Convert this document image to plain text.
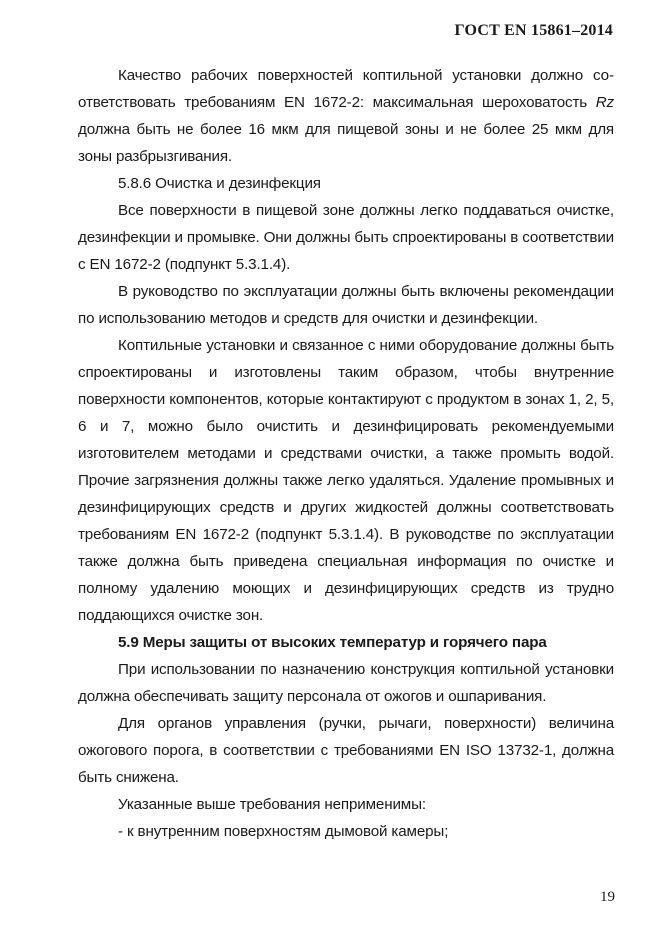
ГОСТ EN 15861–2014

Качество рабочих поверхностей коптильной установки должно соответствовать требованиям EN 1672-2: максимальная шероховатость Rz должна быть не более 16 мкм для пищевой зоны и не более 25 мкм для зоны разбрызгивания.

5.8.6 Очистка и дезинфекция

Все поверхности в пищевой зоне должны легко поддаваться очистке, дезинфекции и промывке. Они должны быть спроектированы в соответствии с EN 1672-2 (подпункт 5.3.1.4).

В руководство по эксплуатации должны быть включены рекомендации по использованию методов и средств для очистки и дезинфекции.

Коптильные установки и связанное с ними оборудование должны быть спроектированы и изготовлены таким образом, чтобы внутренние поверхности компонентов, которые контактируют с продуктом в зонах 1, 2, 5, 6 и 7, можно было очистить и дезинфицировать рекомендуемыми изготовителем методами и средствами очистки, а также промыть водой. Прочие загрязнения должны также легко удаляться. Удаление промывных и дезинфицирующих средств и других жидкостей должны соответствовать требованиям EN 1672-2 (подпункт 5.3.1.4). В руководстве по эксплуатации также должна быть приведена специальная информация по очистке и полному удалению моющих и дезинфицирующих средств из трудно поддающихся очистке зон.

5.9 Меры защиты от высоких температур и горячего пара

При использовании по назначению конструкция коптильной установки должна обеспечивать защиту персонала от ожогов и ошпаривания.

Для органов управления (ручки, рычаги, поверхности) величина ожогового порога, в соответствии с требованиями EN ISO 13732-1, должна быть снижена.

Указанные выше требования неприменимы:

- к внутренним поверхностям дымовой камеры;

19
